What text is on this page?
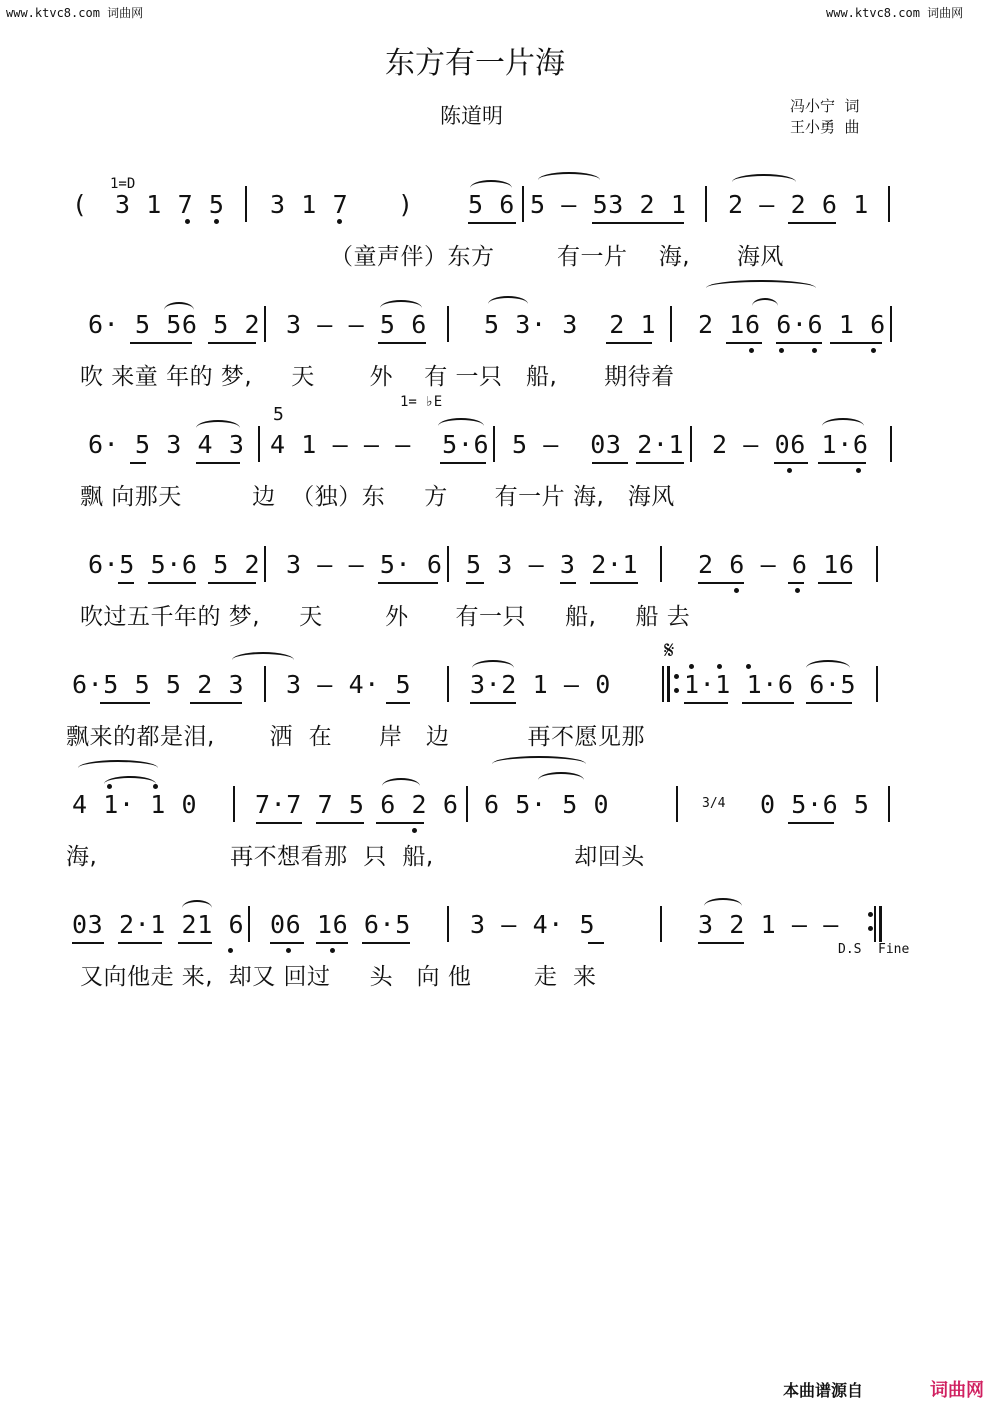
www.ktvc8.com 词曲网	www.ktvc8.com 词曲网
东方有一片海
陈道明	冯小宁  词
王小勇  曲
1=D
( 3 1 7 5 3 1 7 ) 5 6 5 – 53 2 1 2 – 2 6 1
（童声伴）东方        有一片    海,      海风
6· 5 56 5 2 3 – – 5 6 5 3· 3  2 1 2 16 6·6 1 6
吹 来童 年的 梦,     天       外    有 一只   船,      期待着
5
1= ♭E
6· 5 3 4 3 4 1 – – –  5·6 5 –  03 2·1 2 – 06 1·6
飘 向那天         边  （独）东     方      有一片 海,   海风
6·5 5·6 5 2 3 – – 5· 6 5 3 – 3 2·1 2 6 – 6 16
吹过五千年的 梦,     天        外      有一只     船,     船 去
6·5 5 5 2 3 3 – 4· 5 3·2 1 – 0
𝄋
1·1 1·6 6·5
飘来的都是泪,       洒  在      岸   边          再不愿见那
4 1· 1 0 7·7 7 5 6 2 6 6 5· 5 0	3/4 0 5·6 5
海,                 再不想看那  只  船,                  却回头
03 2·1 21 6 06 16 6·5 3 – 4· 5	3 2 1 – –
D.S Fine
又向他走 来,  却又 回过     头   向 他        走  来
本曲谱源自	词曲网
